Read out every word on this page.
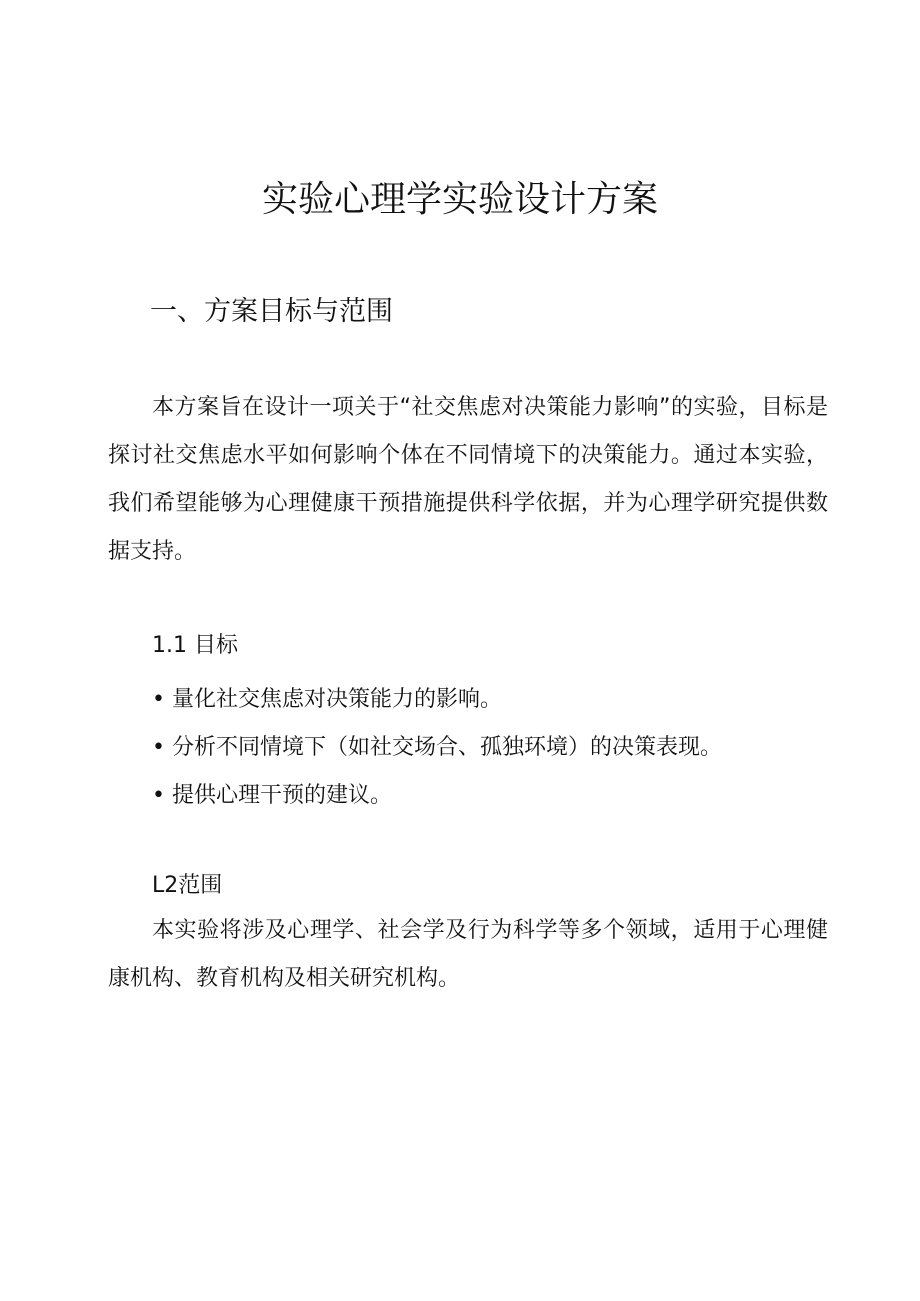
实验心理学实验设计方案
一、方案目标与范围

本方案旨在设计一项关于“社交焦虑对决策能力影响”的实验，目标是探讨社交焦虑水平如何影响个体在不同情境下的决策能力。通过本实验，我们希望能够为心理健康干预措施提供科学依据，并为心理学研究提供数据支持。

1.1 目标
• 量化社交焦虑对决策能力的影响。
• 分析不同情境下（如社交场合、孤独环境）的决策表现。
• 提供心理干预的建议。
L2范围

本实验将涉及心理学、社会学及行为科学等多个领域，适用于心理健康机构、教育机构及相关研究机构。
